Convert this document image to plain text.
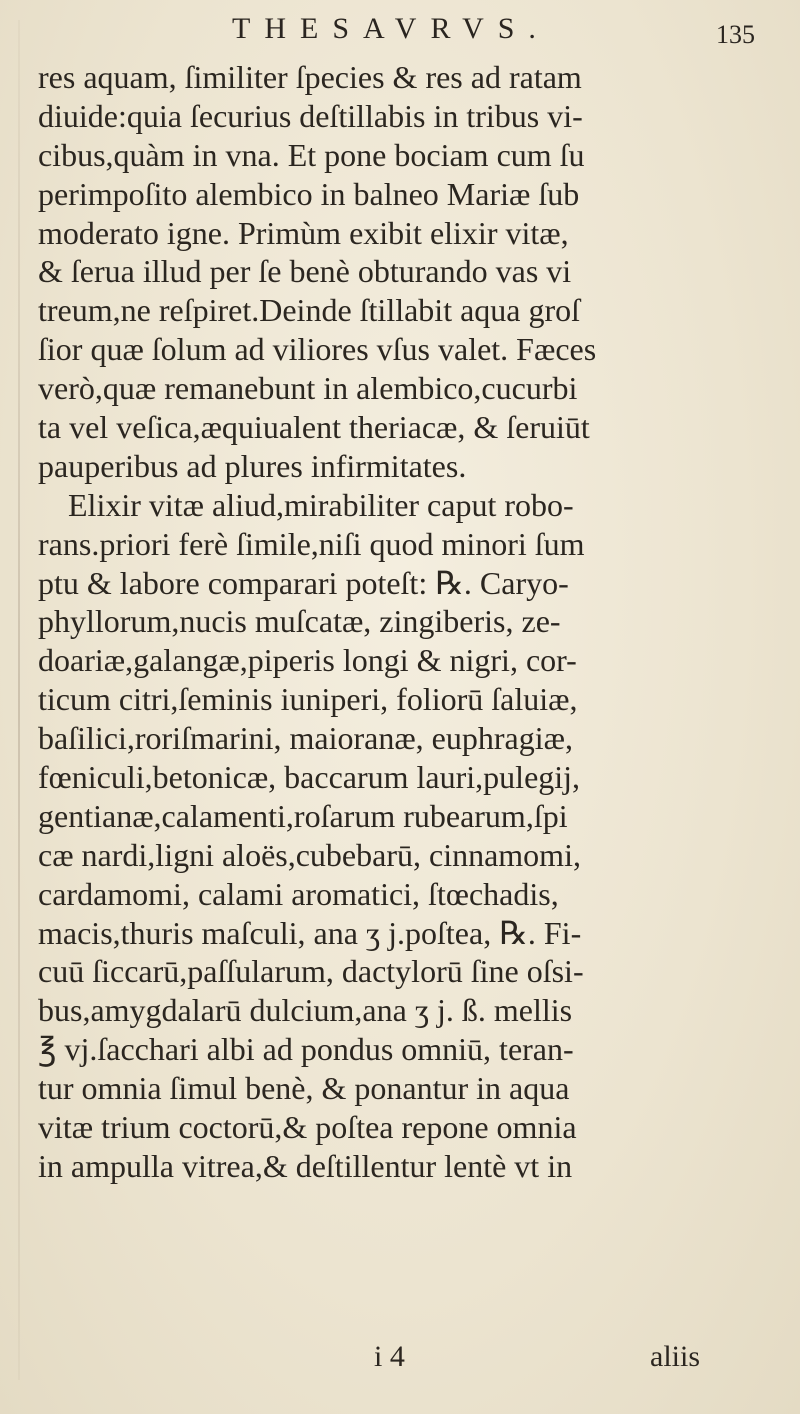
THESAVRVS.	135
res aquam, ſimiliter ſpecies & res ad ratam
diuide:quia ſecurius deſtillabis in tribus vi-
cibus,quàm in vna. Et pone bociam cum ſu
perimpoſito alembico in balneo Mariæ ſub
moderato igne. Primùm exibit elixir vitæ,
& ſerua illud per ſe benè obturando vas vi
treum,ne reſpiret.Deinde ſtillabit aqua groſ
ſior quæ ſolum ad viliores vſus valet. Fæces
verò,quæ remanebunt in alembico,cucurbi
ta vel veſica,æquiualent theriacæ, & ſeruiūt
pauperibus ad plures infirmitates.
Elixir vitæ aliud,mirabiliter caput robo-
rans.priori ferè ſimile,niſi quod minori ſum
ptu & labore comparari poteſt: ℞. Caryo-
phyllorum,nucis muſcatæ, zingiberis, ze-
doariæ,galangæ,piperis longi & nigri, cor-
ticum citri,ſeminis iuniperi, foliorū ſaluiæ,
baſilici,roriſmarini, maioranæ, euphragiæ,
fœniculi,betonicæ, baccarum lauri,pulegij,
gentianæ,calamenti,roſarum rubearum,ſpi
cæ nardi,ligni aloës,cubebarū, cinnamomi,
cardamomi, calami aromatici, ſtœchadis,
macis,thuris maſculi, ana ʒ j.poſtea, ℞. Fi-
cuū ſiccarū,paſſularum, dactylorū ſine oſsi-
bus,amygdalarū dulcium,ana ʒ j. ß. mellis
℥ vj.ſacchari albi ad pondus omniū, teran-
tur omnia ſimul benè, & ponantur in aqua
vitæ trium coctorū,& poſtea repone omnia
in ampulla vitrea,& deſtillentur lentè vt in
i 4	aliis
